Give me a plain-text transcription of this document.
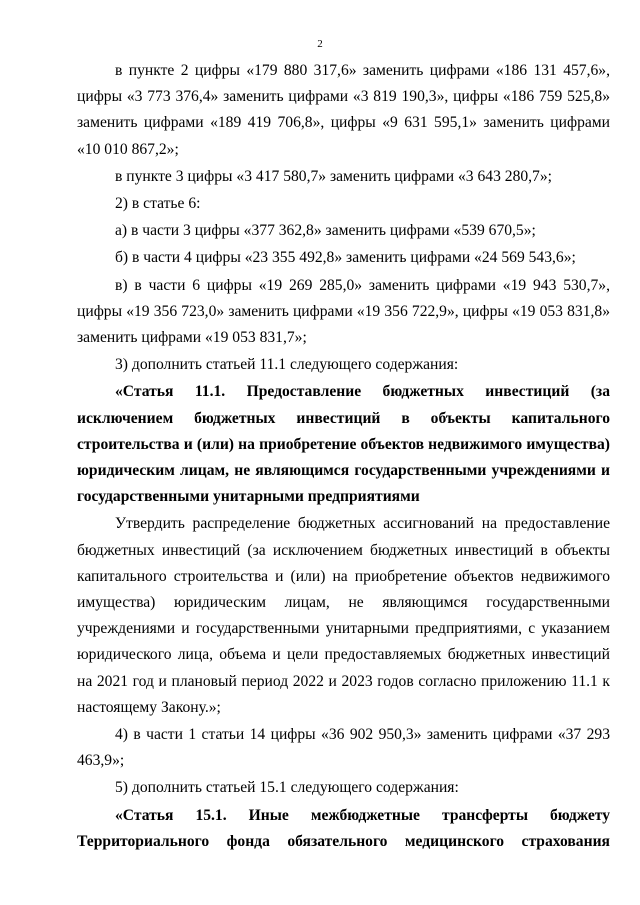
2

в пункте 2 цифры «179 880 317,6» заменить цифрами «186 131 457,6», цифры «3 773 376,4» заменить цифрами «3 819 190,3», цифры «186 759 525,8» заменить цифрами «189 419 706,8», цифры «9 631 595,1» заменить цифрами «10 010 867,2»;

в пункте 3 цифры «3 417 580,7» заменить цифрами «3 643 280,7»;

2) в статье 6:

а) в части 3 цифры «377 362,8» заменить цифрами «539 670,5»;

б) в части 4 цифры «23 355 492,8» заменить цифрами «24 569 543,6»;

в) в части 6 цифры «19 269 285,0» заменить цифрами «19 943 530,7», цифры «19 356 723,0» заменить цифрами «19 356 722,9», цифры «19 053 831,8» заменить цифрами «19 053 831,7»;

3) дополнить статьей 11.1 следующего содержания:

«Статья 11.1. Предоставление бюджетных инвестиций (за исключением бюджетных инвестиций в объекты капитального строительства и (или) на приобретение объектов недвижимого имущества) юридическим лицам, не являющимся государственными учреждениями и государственными унитарными предприятиями

Утвердить распределение бюджетных ассигнований на предоставление бюджетных инвестиций (за исключением бюджетных инвестиций в объекты капитального строительства и (или) на приобретение объектов недвижимого имущества) юридическим лицам, не являющимся государственными учреждениями и государственными унитарными предприятиями, с указанием юридического лица, объема и цели предоставляемых бюджетных инвестиций на 2021 год и плановый период 2022 и 2023 годов согласно приложению 11.1 к настоящему Закону.»;

4) в части 1 статьи 14 цифры «36 902 950,3» заменить цифрами «37 293 463,9»;

5) дополнить статьей 15.1 следующего содержания:

«Статья 15.1. Иные межбюджетные трансферты бюджету Территориального фонда обязательного медицинского страхования
